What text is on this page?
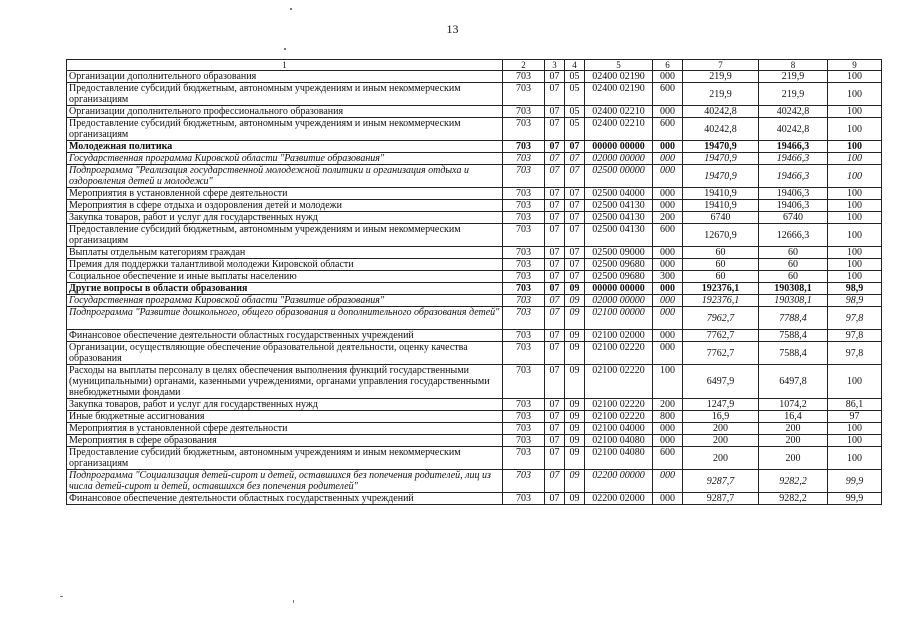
13
1	2	3	4	5	6	7	8	9
Организации дополнительного образования	703	07	05	02400 02190	000	219,9	219,9	100
Предоставление субсидий бюджетным, автономным учреждениям и иным некоммерческим организациям	703	07	05	02400 02190	600	219,9	219,9	100
Организации дополнительного профессионального образования	703	07	05	02400 02210	000	40242,8	40242,8	100
Предоставление субсидий бюджетным, автономным учреждениям и иным некоммерческим организациям	703	07	05	02400 02210	600	40242,8	40242,8	100
Молодежная политика	703	07	07	00000 00000	000	19470,9	19466,3	100
Государственная программа Кировской области "Развитие образования"	703	07	07	02000 00000	000	19470,9	19466,3	100
Подпрограмма "Реализация государственной молодежной политики и организация отдыха и оздоровления детей и молодежи"	703	07	07	02500 00000	000	19470,9	19466,3	100
Мероприятия в установленной сфере деятельности	703	07	07	02500 04000	000	19410,9	19406,3	100
Мероприятия в сфере отдыха и оздоровления детей и молодежи	703	07	07	02500 04130	000	19410,9	19406,3	100
Закупка товаров, работ и услуг для государственных нужд	703	07	07	02500 04130	200	6740	6740	100
Предоставление субсидий бюджетным, автономным учреждениям и иным некоммерческим организациям	703	07	07	02500 04130	600	12670,9	12666,3	100
Выплаты отдельным категориям граждан	703	07	07	02500 09000	000	60	60	100
Премия для поддержки талантливой молодежи Кировской области	703	07	07	02500 09680	000	60	60	100
Социальное обеспечение и иные выплаты населению	703	07	07	02500 09680	300	60	60	100
Другие вопросы в области образования	703	07	09	00000 00000	000	192376,1	190308,1	98,9
Государственная программа Кировской области "Развитие образования"	703	07	09	02000 00000	000	192376,1	190308,1	98,9
Подпрограмма "Развитие дошкольного, общего образования и дополнительного образования детей"	703	07	09	02100 00000	000	7962,7	7788,4	97,8
Финансовое обеспечение деятельности областных государственных учреждений	703	07	09	02100 02000	000	7762,7	7588,4	97,8
Организации, осуществляющие обеспечение образовательной деятельности, оценку качества образования	703	07	09	02100 02220	000	7762,7	7588,4	97,8
Расходы на выплаты персоналу в целях обеспечения выполнения функций государственными (муниципальными) органами, казенными учреждениями, органами управления государственными внебюджетными фондами	703	07	09	02100 02220	100	6497,9	6497,8	100
Закупка товаров, работ и услуг для государственных нужд	703	07	09	02100 02220	200	1247,9	1074,2	86,1
Иные бюджетные ассигнования	703	07	09	02100 02220	800	16,9	16,4	97
Мероприятия в установленной сфере деятельности	703	07	09	02100 04000	000	200	200	100
Мероприятия в сфере образования	703	07	09	02100 04080	000	200	200	100
Предоставление субсидий бюджетным, автономным учреждениям и иным некоммерческим организациям	703	07	09	02100 04080	600	200	200	100
Подпрограмма "Социализация детей-сирот и детей, оставшихся без попечения родителей, лиц из числа детей-сирот и детей, оставшихся без попечения родителей"	703	07	09	02200 00000	000	9287,7	9282,2	99,9
Финансовое обеспечение деятельности областных государственных учреждений	703	07	09	02200 02000	000	9287,7	9282,2	99,9
